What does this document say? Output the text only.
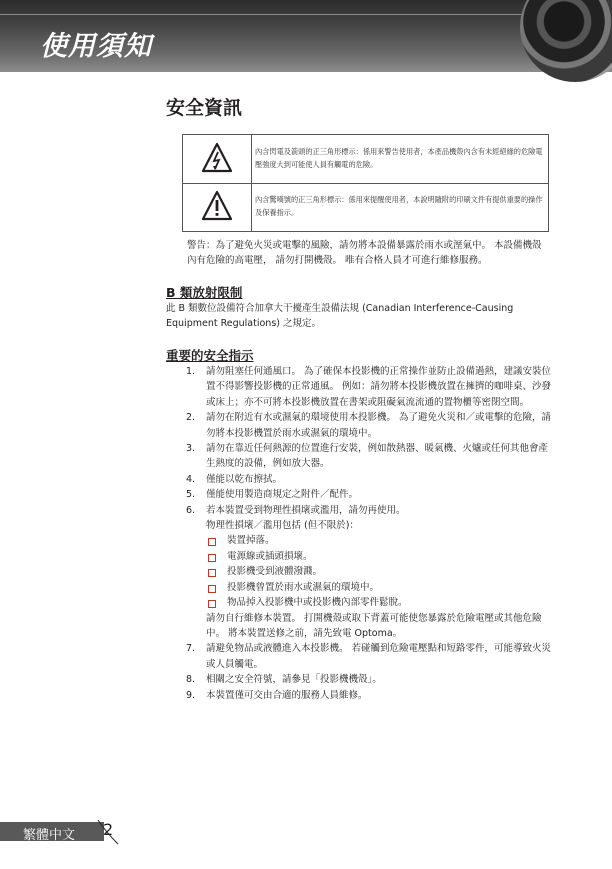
使用須知
安全資訊
內含閃電及箭頭的正三角形標示：係用來警告使用者，本產品機殼內含有未經絕緣的危險電壓強度大到可能使人員有觸電的危險。
內含驚嘆號的正三角形標示：係用來提醒使用者，本說明隨附的印刷文件有提供重要的操作及保養指示。
警告：為了避免火災或電擊的風險，請勿將本設備暴露於雨水或溼氣中。 本設備機殼內有危險的高電壓， 請勿打開機殼。 唯有合格人員才可進行維修服務。
B 類放射限制
此 B 類數位設備符合加拿大干擾產生設備法規 (Canadian Interference-Causing Equipment Regulations) 之規定。
重要的安全指示
1. 請勿阻塞任何通風口。 為了確保本投影機的正常操作並防止設備過熱，建議安裝位置不得影響投影機的正常通風。 例如：請勿將本投影機放置在擁擠的咖啡桌、沙發或床上；亦不可將本投影機放置在書架或阻礙氣流流通的置物櫃等密閉空間。
2. 請勿在附近有水或濕氣的環境使用本投影機。 為了避免火災和／或電擊的危險，請勿將本投影機置於雨水或濕氣的環境中。
3. 請勿在靠近任何熱源的位置進行安裝，例如散熱器、暖氣機、火爐或任何其他會產生熱度的設備，例如放大器。
4. 僅能以乾布擦拭。
5. 僅能使用製造商規定之附件／配件。
6. 若本裝置受到物理性損壞或濫用，請勿再使用。
物理性損壞／濫用包括 (但不限於)：
裝置掉落。
電源線或插頭損壞。
投影機受到液體潑濺。
投影機曾置於雨水或濕氣的環境中。
物品掉入投影機中或投影機內部零件鬆脫。
請勿自行維修本裝置。 打開機殼或取下背蓋可能使您暴露於危險電壓或其他危險中。 將本裝置送修之前，請先致電 Optoma。
7. 請避免物品或液體進入本投影機。 若碰觸到危險電壓點和短路零件，可能導致火災或人員觸電。
8. 相關之安全符號，請參見「投影機機殼」。
9. 本裝置僅可交由合適的服務人員維修。
繁體中文 2
